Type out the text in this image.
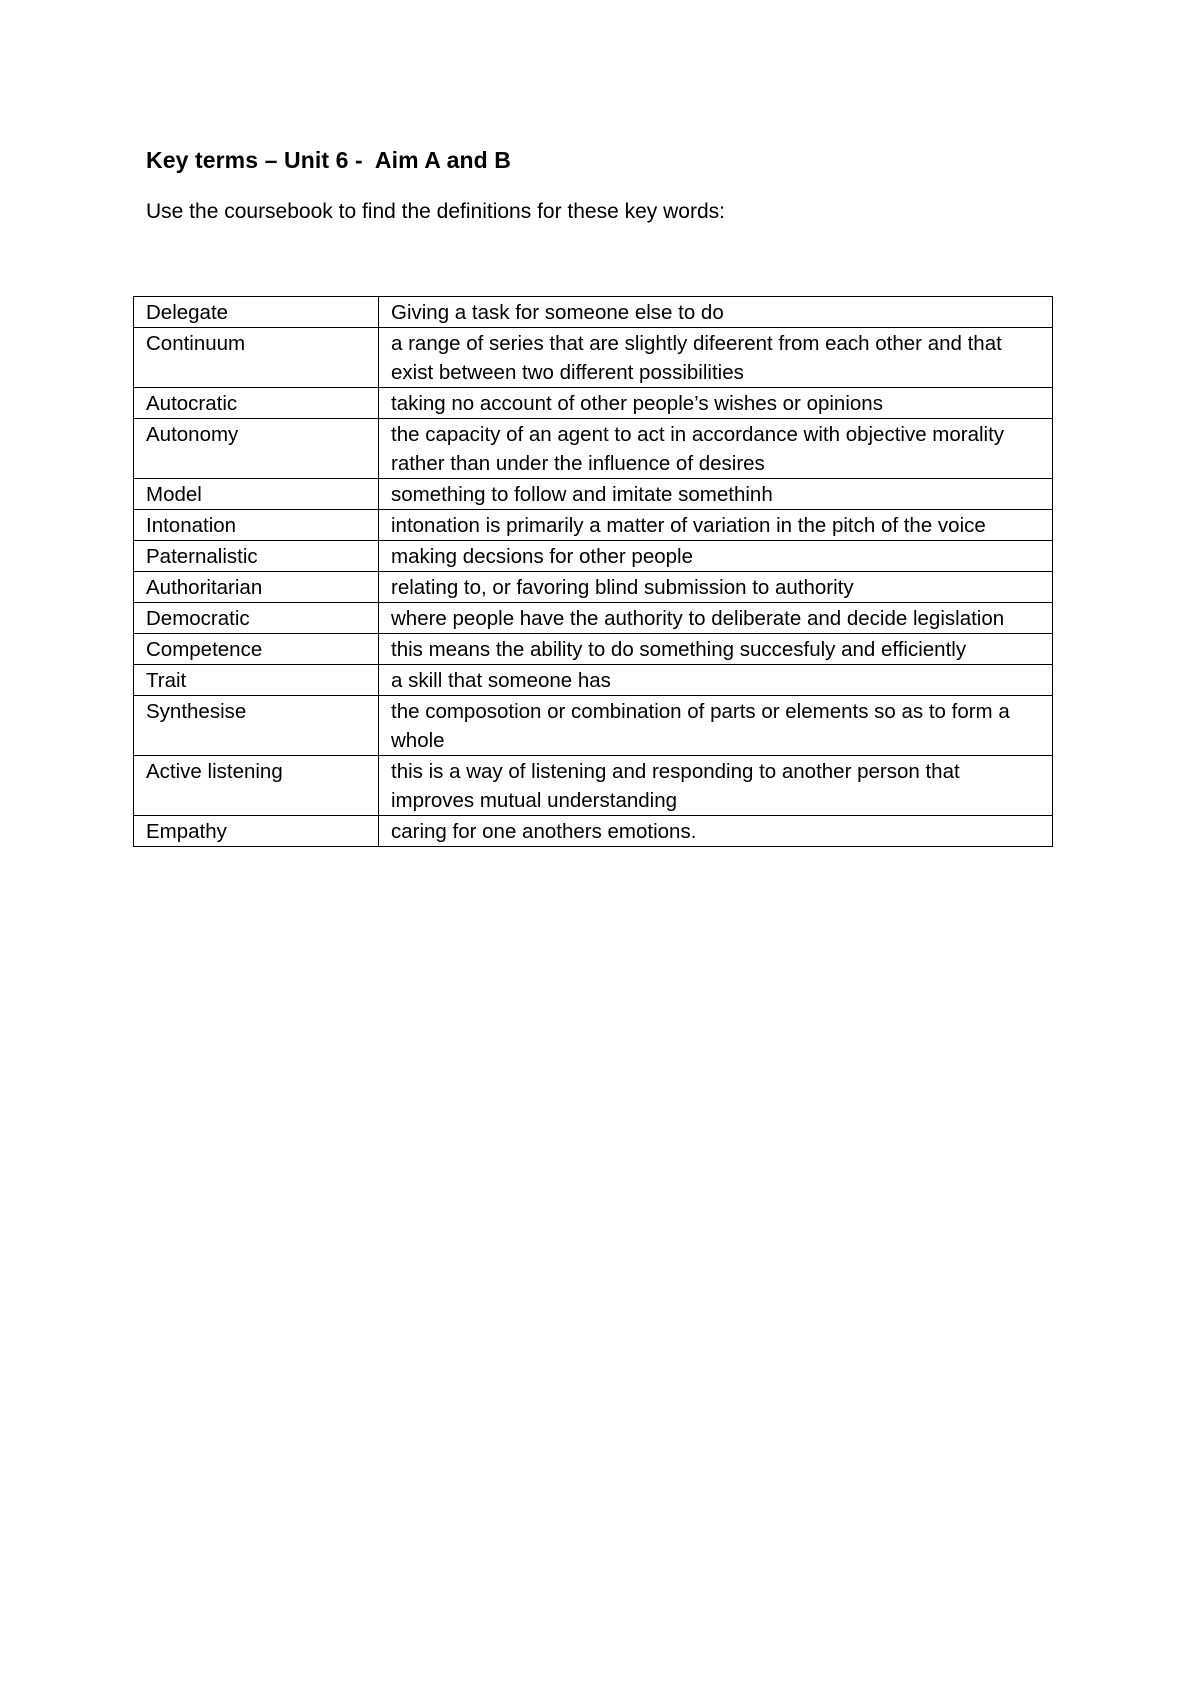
Key terms – Unit 6 -  Aim A and B
Use the coursebook to find the definitions for these key words:
Delegate	Giving a task for someone else to do
Continuum	a range of series that are slightly difeerent from each other and that exist between two different possibilities
Autocratic	taking no account of other people’s wishes or opinions
Autonomy	the capacity of an agent to act in accordance with objective morality rather than under the influence of desires
Model	something to follow and imitate somethinh
Intonation	intonation is primarily a matter of variation in the pitch of the voice
Paternalistic	making decsions for other people
Authoritarian	relating to, or favoring blind submission to authority
Democratic	where people have the authority to deliberate and decide legislation
Competence	this means the ability to do something succesfuly and efficiently
Trait	a skill that someone has
Synthesise	the composotion or combination of parts or elements so as to form a whole
Active listening	this is a way of listening and responding to another person that improves mutual understanding
Empathy	caring for one anothers emotions.
